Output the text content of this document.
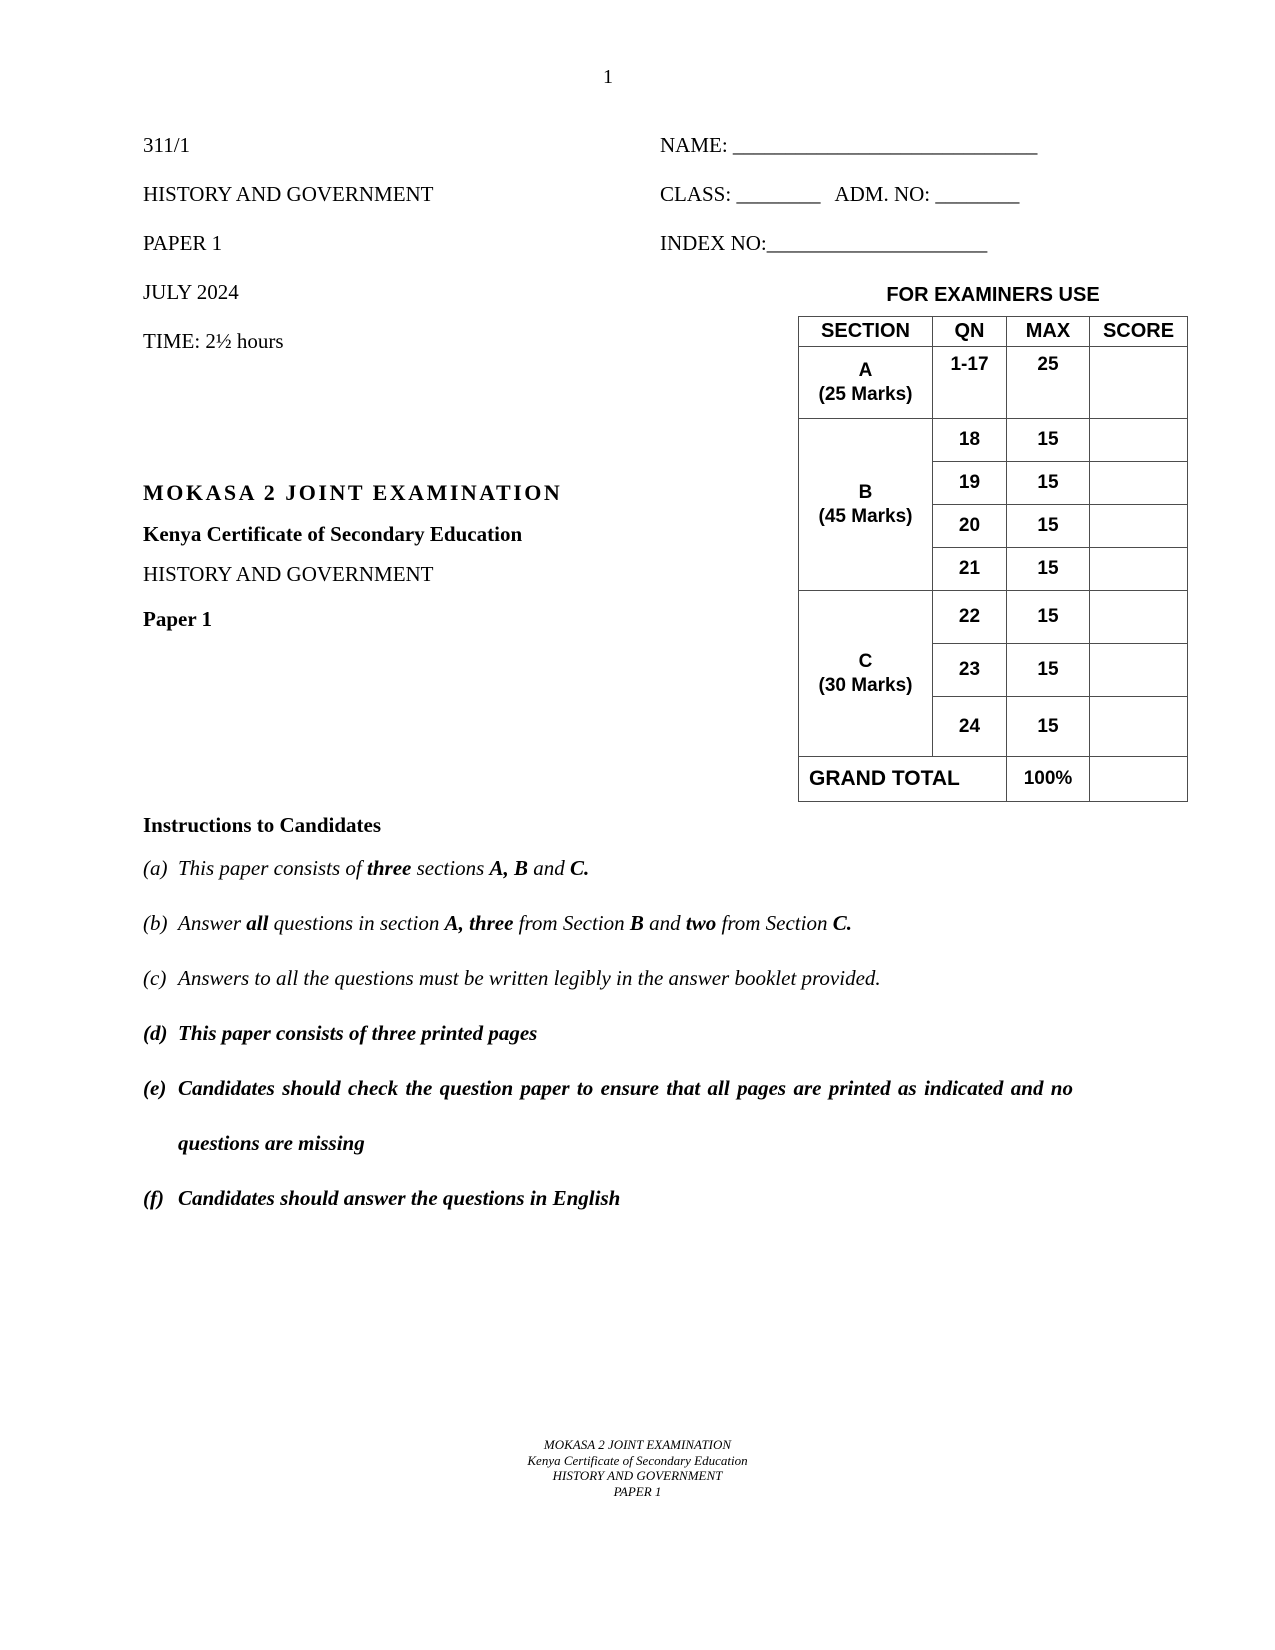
1
311/1
HISTORY AND GOVERNMENT
PAPER 1
JULY 2024
TIME: 2½ hours
NAME: _____________________________
CLASS: ________ ADM. NO: ________
INDEX NO:_____________________
FOR EXAMINERS USE
SECTION	QN	MAX	SCORE

A
(25 Marks)	1-17	25	

B
(45 Marks)	18	15	
	19	15	
	20	15	
	21	15	

C
(30 Marks)	22	15	
	23	15	
	24	15	
GRAND TOTAL		100%	
MOKASA 2 JOINT EXAMINATION
Kenya Certificate of Secondary Education
HISTORY AND GOVERNMENT
Paper 1
Instructions to Candidates
(a) This paper consists of three sections A, B and C.
(b) Answer all questions in section A, three from Section B and two from Section C.
(c) Answers to all the questions must be written legibly in the answer booklet provided.
(d) This paper consists of three printed pages
(e) Candidates should check the question paper to ensure that all pages are printed as indicated and no questions are missing
(f) Candidates should answer the questions in English
MOKASA 2 JOINT EXAMINATION
Kenya Certificate of Secondary Education
HISTORY AND GOVERNMENT
PAPER 1
